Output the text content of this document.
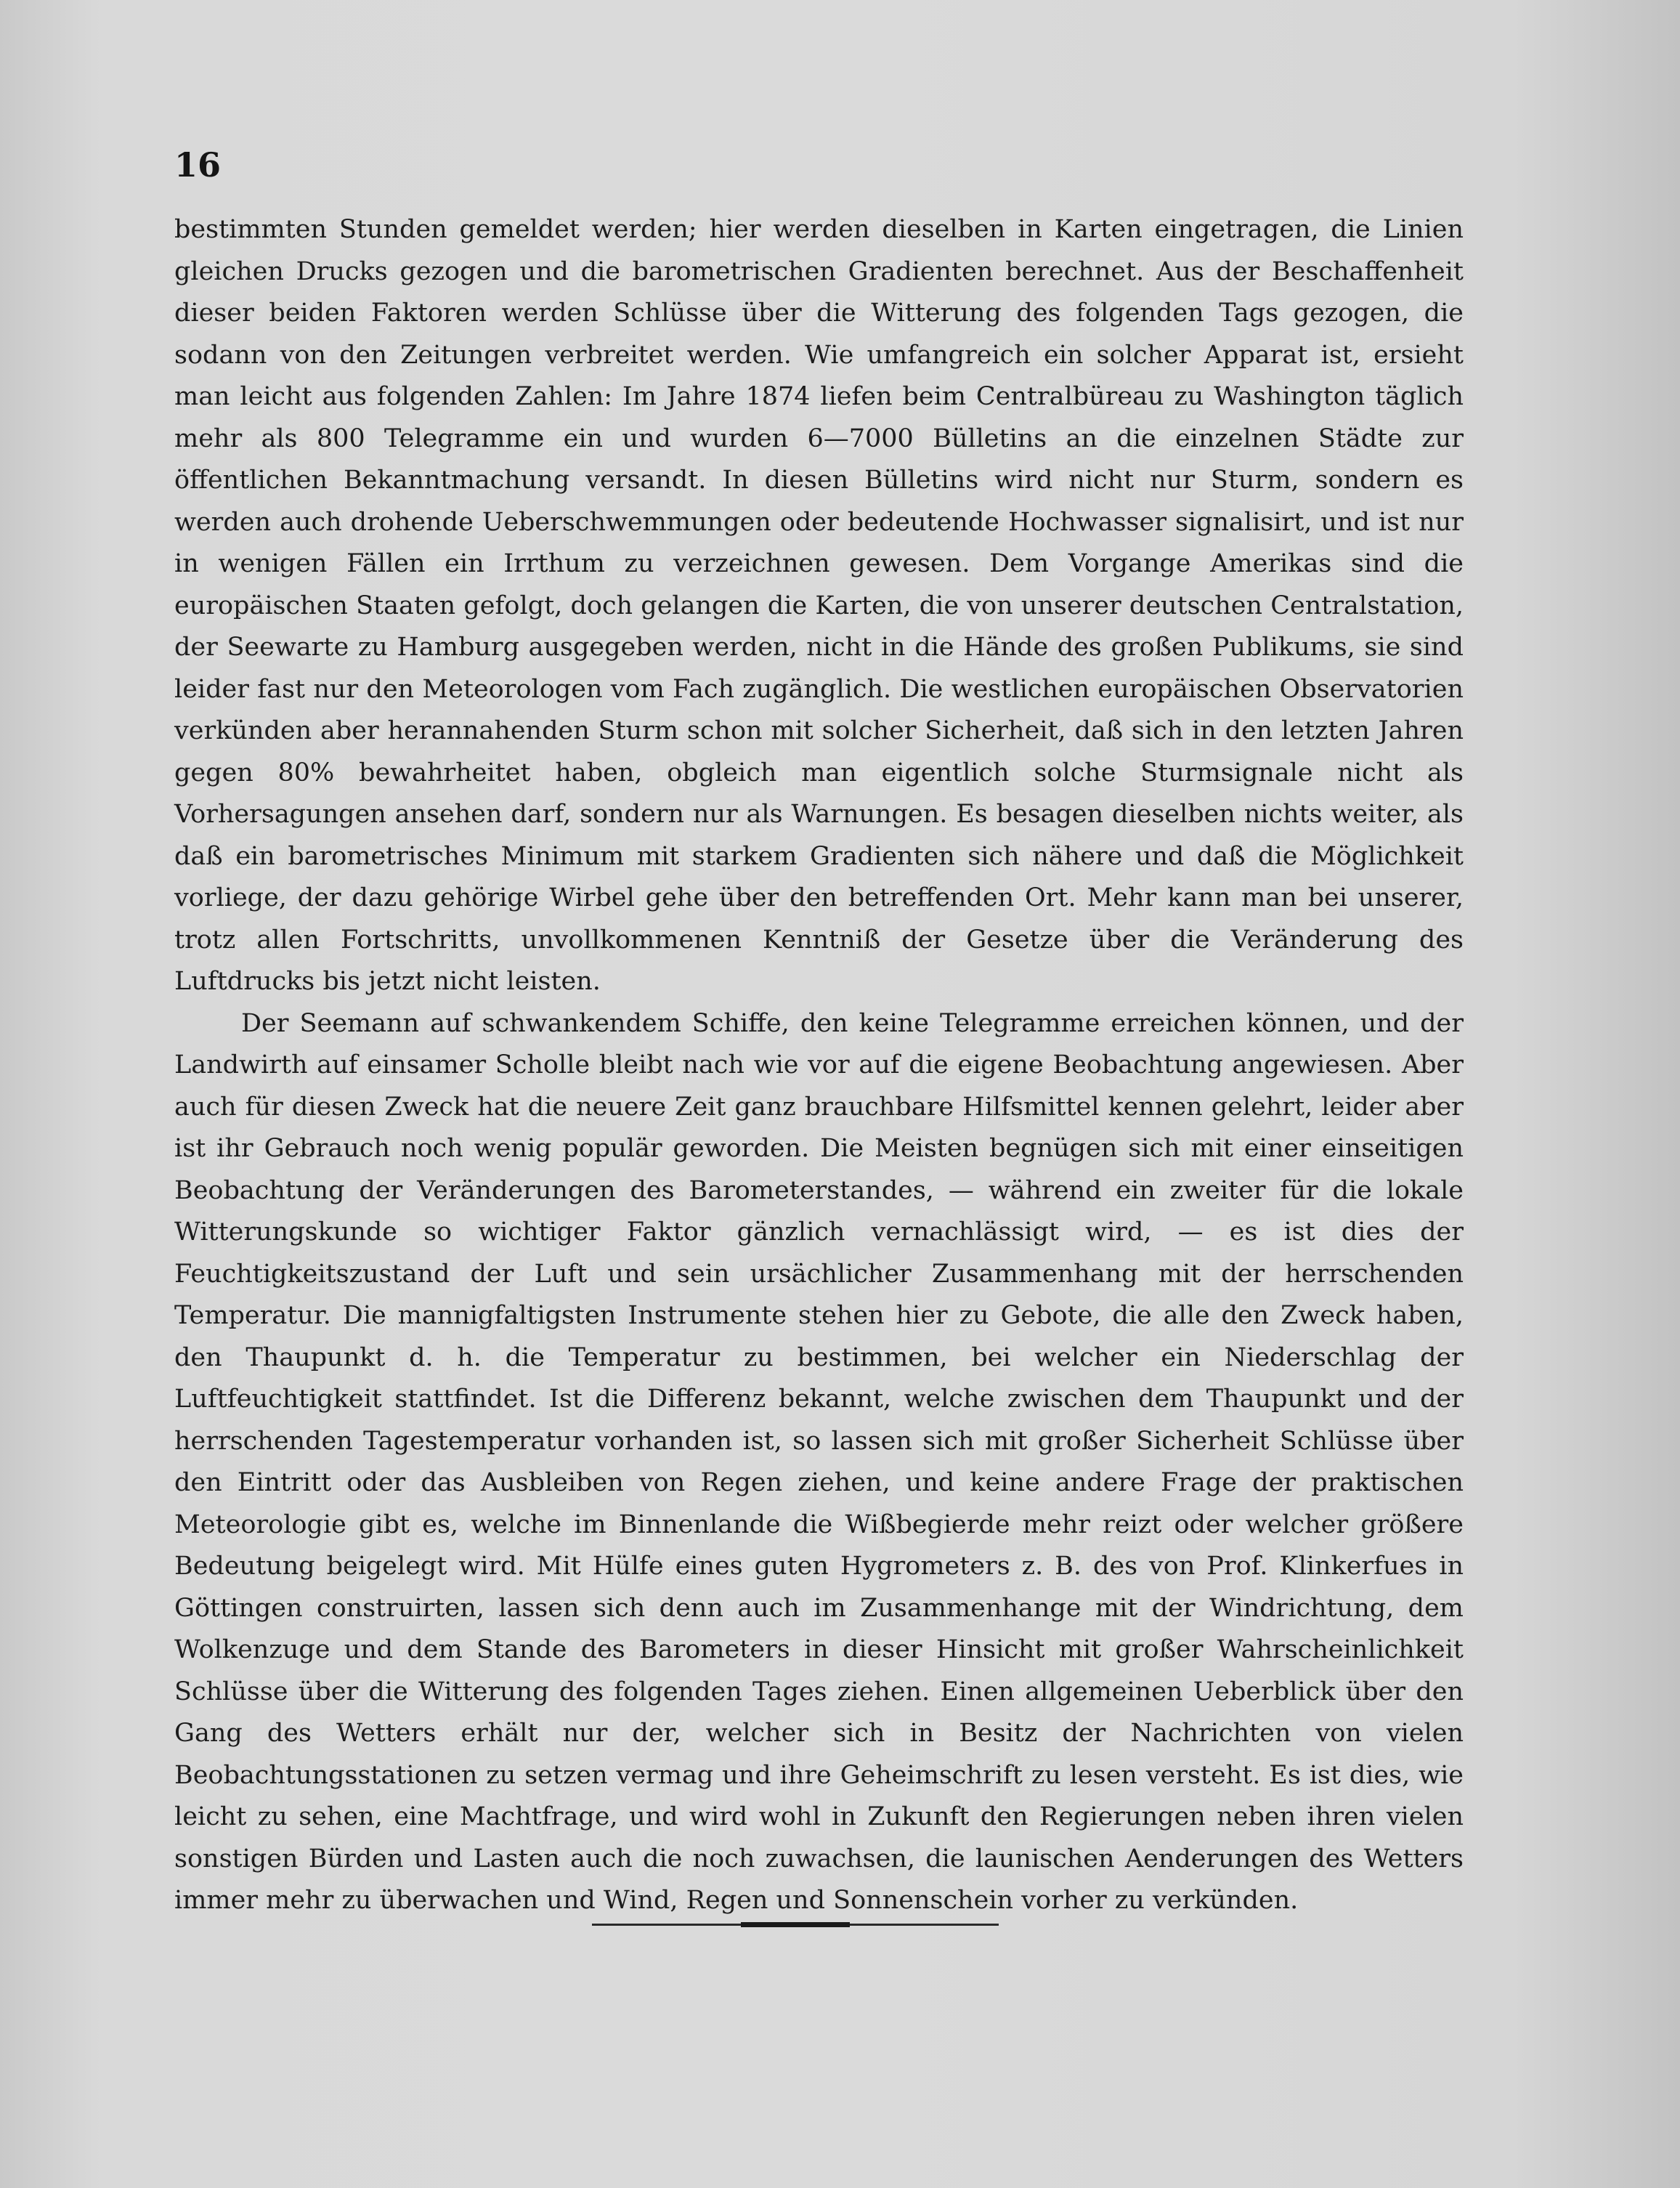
16

bestimmten Stunden gemeldet werden; hier werden dieselben in Karten eingetragen, die Linien gleichen Drucks gezogen und die barometrischen Gradienten berechnet. Aus der Beschaffenheit dieser beiden Faktoren werden Schlüsse über die Witterung des folgenden Tags gezogen, die sodann von den Zeitungen verbreitet werden. Wie umfangreich ein solcher Apparat ist, ersieht man leicht aus folgenden Zahlen: Im Jahre 1874 liefen beim Centralbüreau zu Washington täglich mehr als 800 Telegramme ein und wurden 6—7000 Bülletins an die einzelnen Städte zur öffentlichen Bekanntmachung versandt. In diesen Bülletins wird nicht nur Sturm, sondern es werden auch drohende Ueberschwemmungen oder bedeutende Hochwasser signalisirt, und ist nur in wenigen Fällen ein Irrthum zu verzeichnen gewesen. Dem Vorgange Amerikas sind die europäischen Staaten gefolgt, doch gelangen die Karten, die von unserer deutschen Centralstation, der Seewarte zu Hamburg ausgegeben werden, nicht in die Hände des großen Publikums, sie sind leider fast nur den Meteorologen vom Fach zugänglich. Die westlichen europäischen Observatorien verkünden aber herannahenden Sturm schon mit solcher Sicherheit, daß sich in den letzten Jahren gegen 80% bewahrheitet haben, obgleich man eigentlich solche Sturmsignale nicht als Vorhersagungen ansehen darf, sondern nur als Warnungen. Es besagen dieselben nichts weiter, als daß ein barometrisches Minimum mit starkem Gradienten sich nähere und daß die Möglichkeit vorliege, der dazu gehörige Wirbel gehe über den betreffenden Ort. Mehr kann man bei unserer, trotz allen Fortschritts, unvollkommenen Kenntniß der Gesetze über die Veränderung des Luftdrucks bis jetzt nicht leisten.

Der Seemann auf schwankendem Schiffe, den keine Telegramme erreichen können, und der Landwirth auf einsamer Scholle bleibt nach wie vor auf die eigene Beobachtung angewiesen. Aber auch für diesen Zweck hat die neuere Zeit ganz brauchbare Hilfsmittel kennen gelehrt, leider aber ist ihr Gebrauch noch wenig populär geworden. Die Meisten begnügen sich mit einer einseitigen Beobachtung der Veränderungen des Barometerstandes, — während ein zweiter für die lokale Witterungskunde so wichtiger Faktor gänzlich vernachlässigt wird, — es ist dies der Feuchtigkeitszustand der Luft und sein ursächlicher Zusammenhang mit der herrschenden Temperatur. Die mannigfaltigsten Instrumente stehen hier zu Gebote, die alle den Zweck haben, den Thaupunkt d. h. die Temperatur zu bestimmen, bei welcher ein Niederschlag der Luftfeuchtigkeit stattfindet. Ist die Differenz bekannt, welche zwischen dem Thaupunkt und der herrschenden Tagestemperatur vorhanden ist, so lassen sich mit großer Sicherheit Schlüsse über den Eintritt oder das Ausbleiben von Regen ziehen, und keine andere Frage der praktischen Meteorologie gibt es, welche im Binnenlande die Wißbegierde mehr reizt oder welcher größere Bedeutung beigelegt wird. Mit Hülfe eines guten Hygrometers z. B. des von Prof. Klinkerfues in Göttingen construirten, lassen sich denn auch im Zusammenhange mit der Windrichtung, dem Wolkenzuge und dem Stande des Barometers in dieser Hinsicht mit großer Wahrscheinlichkeit Schlüsse über die Witterung des folgenden Tages ziehen. Einen allgemeinen Ueberblick über den Gang des Wetters erhält nur der, welcher sich in Besitz der Nachrichten von vielen Beobachtungsstationen zu setzen vermag und ihre Geheimschrift zu lesen versteht. Es ist dies, wie leicht zu sehen, eine Machtfrage, und wird wohl in Zukunft den Regierungen neben ihren vielen sonstigen Bürden und Lasten auch die noch zuwachsen, die launischen Aenderungen des Wetters immer mehr zu überwachen und Wind, Regen und Sonnenschein vorher zu verkünden.
